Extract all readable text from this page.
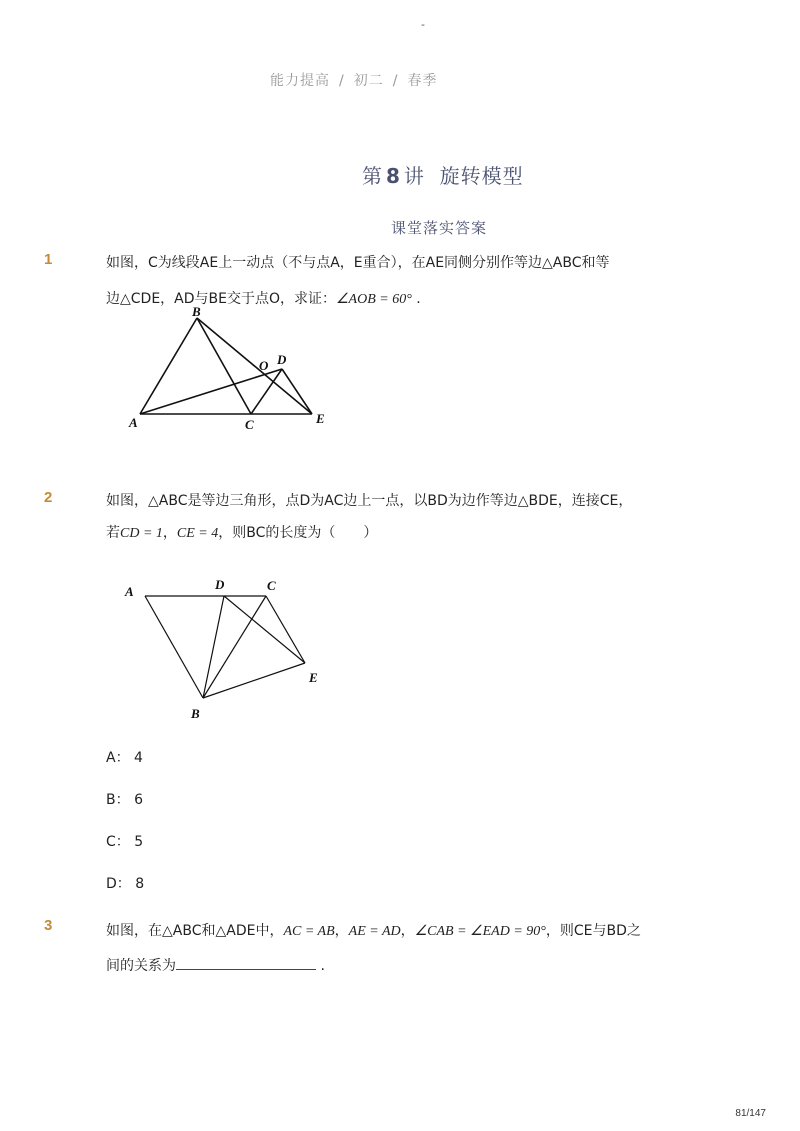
-
能力提高 / 初二 / 春季
第 8 讲 旋转模型
课堂落实答案
1	如图，C为线段AE上一动点（不与点A，E重合），在AE同侧分别作等边△ABC和等
边△CDE，AD与BE交于点O，求证：∠AOB = 60° .
A
B
C
D
E
O
2	如图，△ABC是等边三角形，点D为AC边上一点，以BD为边作等边△BDE，连接CE，
若CD = 1，CE = 4，则BC的长度为（　　）
A	D	C
E
B
A： 4
B： 6
C： 5
D： 8
3	如图，在△ABC和△ADE中，AC = AB，AE = AD，∠CAB = ∠EAD = 90°，则CE与BD之
间的关系为	.
81/147
